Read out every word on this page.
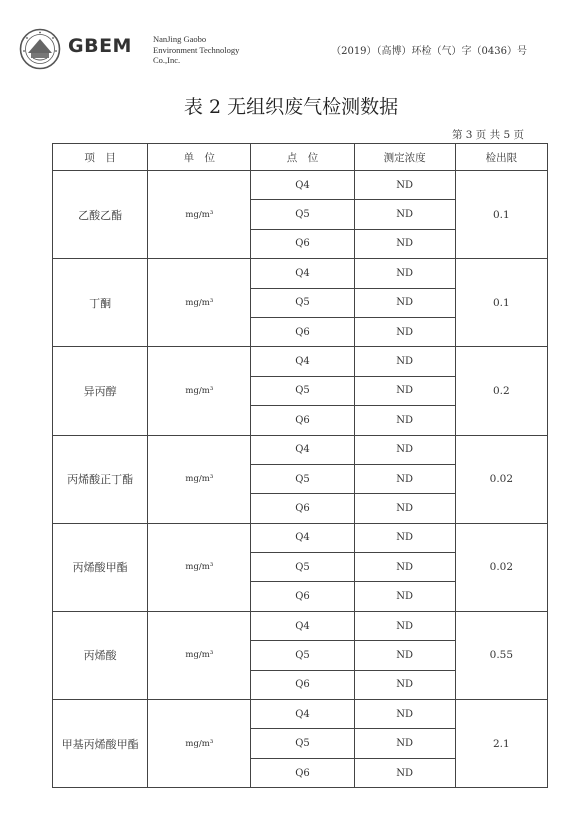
GBEM NanJing Gaobo
Environment Technology
Co.,Inc.
（2019）（高博）环检（气）字（0436）号
表 2 无组织废气检测数据
第 3 页 共 5 页
项　目	单　位	点　位	测定浓度	检出限
乙酸乙酯	mg/m³	Q4	ND	0.1
		Q5	ND	
		Q6	ND	
丁酮	mg/m³	Q4	ND	0.1
		Q5	ND	
		Q6	ND	
异丙醇	mg/m³	Q4	ND	0.2
		Q5	ND	
		Q6	ND	
丙烯酸正丁酯	mg/m³	Q4	ND	0.02
		Q5	ND	
		Q6	ND	
丙烯酸甲酯	mg/m³	Q4	ND	0.02
		Q5	ND	
		Q6	ND	
丙烯酸	mg/m³	Q4	ND	0.55
		Q5	ND	
		Q6	ND	
甲基丙烯酸甲酯	mg/m³	Q4	ND	2.1
		Q5	ND	
		Q6	ND	
